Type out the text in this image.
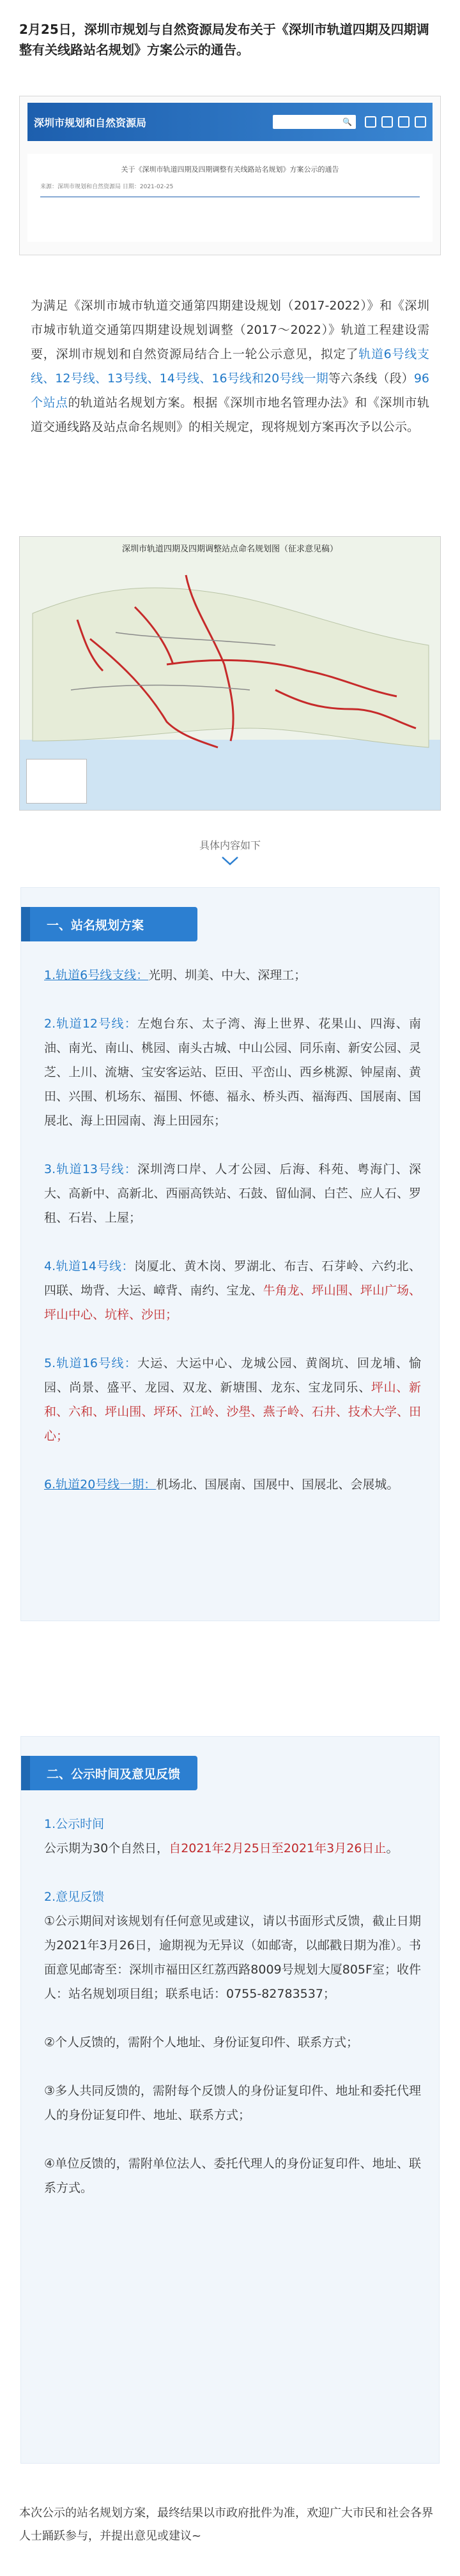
2月25日，深圳市规划与自然资源局发布关于《深圳市轨道四期及四期调整有关线路站名规划》方案公示的通告。
深圳市规划和自然资源局	🔍
关于《深圳市轨道四期及四期调整有关线路站名规划》方案公示的通告
来源：深圳市规划和自然资源局 日期：2021-02-25
为满足《深圳市城市轨道交通第四期建设规划（2017-2022）》和《深圳市城市轨道交通第四期建设规划调整（2017～2022）》轨道工程建设需要，深圳市规划和自然资源局结合上一轮公示意见，拟定了轨道6号线支线、12号线、13号线、14号线、16号线和20号线一期等六条线（段）96个站点的轨道站名规划方案。根据《深圳市地名管理办法》和《深圳市轨道交通线路及站点命名规则》的相关规定，现将规划方案再次予以公示。
深圳市轨道四期及四期调整站点命名规划图（征求意见稿）
具体内容如下
一、站名规划方案
1.轨道6号线支线：光明、圳美、中大、深理工；
2.轨道12号线：左炮台东、太子湾、海上世界、花果山、四海、南油、南光、南山、桃园、南头古城、中山公园、同乐南、新安公园、灵芝、上川、流塘、宝安客运站、臣田、平峦山、西乡桃源、钟屋南、黄田、兴围、机场东、福围、怀德、福永、桥头西、福海西、国展南、国展北、海上田园南、海上田园东；
3.轨道13号线：深圳湾口岸、人才公园、后海、科苑、粤海门、深大、高新中、高新北、西丽高铁站、石鼓、留仙洞、白芒、应人石、罗租、石岩、上屋；
4.轨道14号线：岗厦北、黄木岗、罗湖北、布吉、石芽岭、六约北、四联、坳背、大运、嶂背、南约、宝龙、牛角龙、坪山围、坪山广场、坪山中心、坑梓、沙田；
5.轨道16号线：大运、大运中心、龙城公园、黄阁坑、回龙埔、愉园、尚景、盛平、龙园、双龙、新塘围、龙东、宝龙同乐、坪山、新和、六和、坪山围、坪环、江岭、沙壆、燕子岭、石井、技术大学、田心；
6.轨道20号线一期：机场北、国展南、国展中、国展北、会展城。
二、公示时间及意见反馈
1.公示时间
公示期为30个自然日，自2021年2月25日至2021年3月26日止。
2.意见反馈
①公示期间对该规划有任何意见或建议，请以书面形式反馈，截止日期为2021年3月26日，逾期视为无异议（如邮寄，以邮戳日期为准）。书面意见邮寄至：深圳市福田区红荔西路8009号规划大厦805F室；收件人：站名规划项目组；联系电话：0755-82783537；
②个人反馈的，需附个人地址、身份证复印件、联系方式；
③多人共同反馈的，需附每个反馈人的身份证复印件、地址和委托代理人的身份证复印件、地址、联系方式；
④单位反馈的，需附单位法人、委托代理人的身份证复印件、地址、联系方式。
本次公示的站名规划方案，最终结果以市政府批件为准，欢迎广大市民和社会各界人士踊跃参与，并提出意见或建议~
